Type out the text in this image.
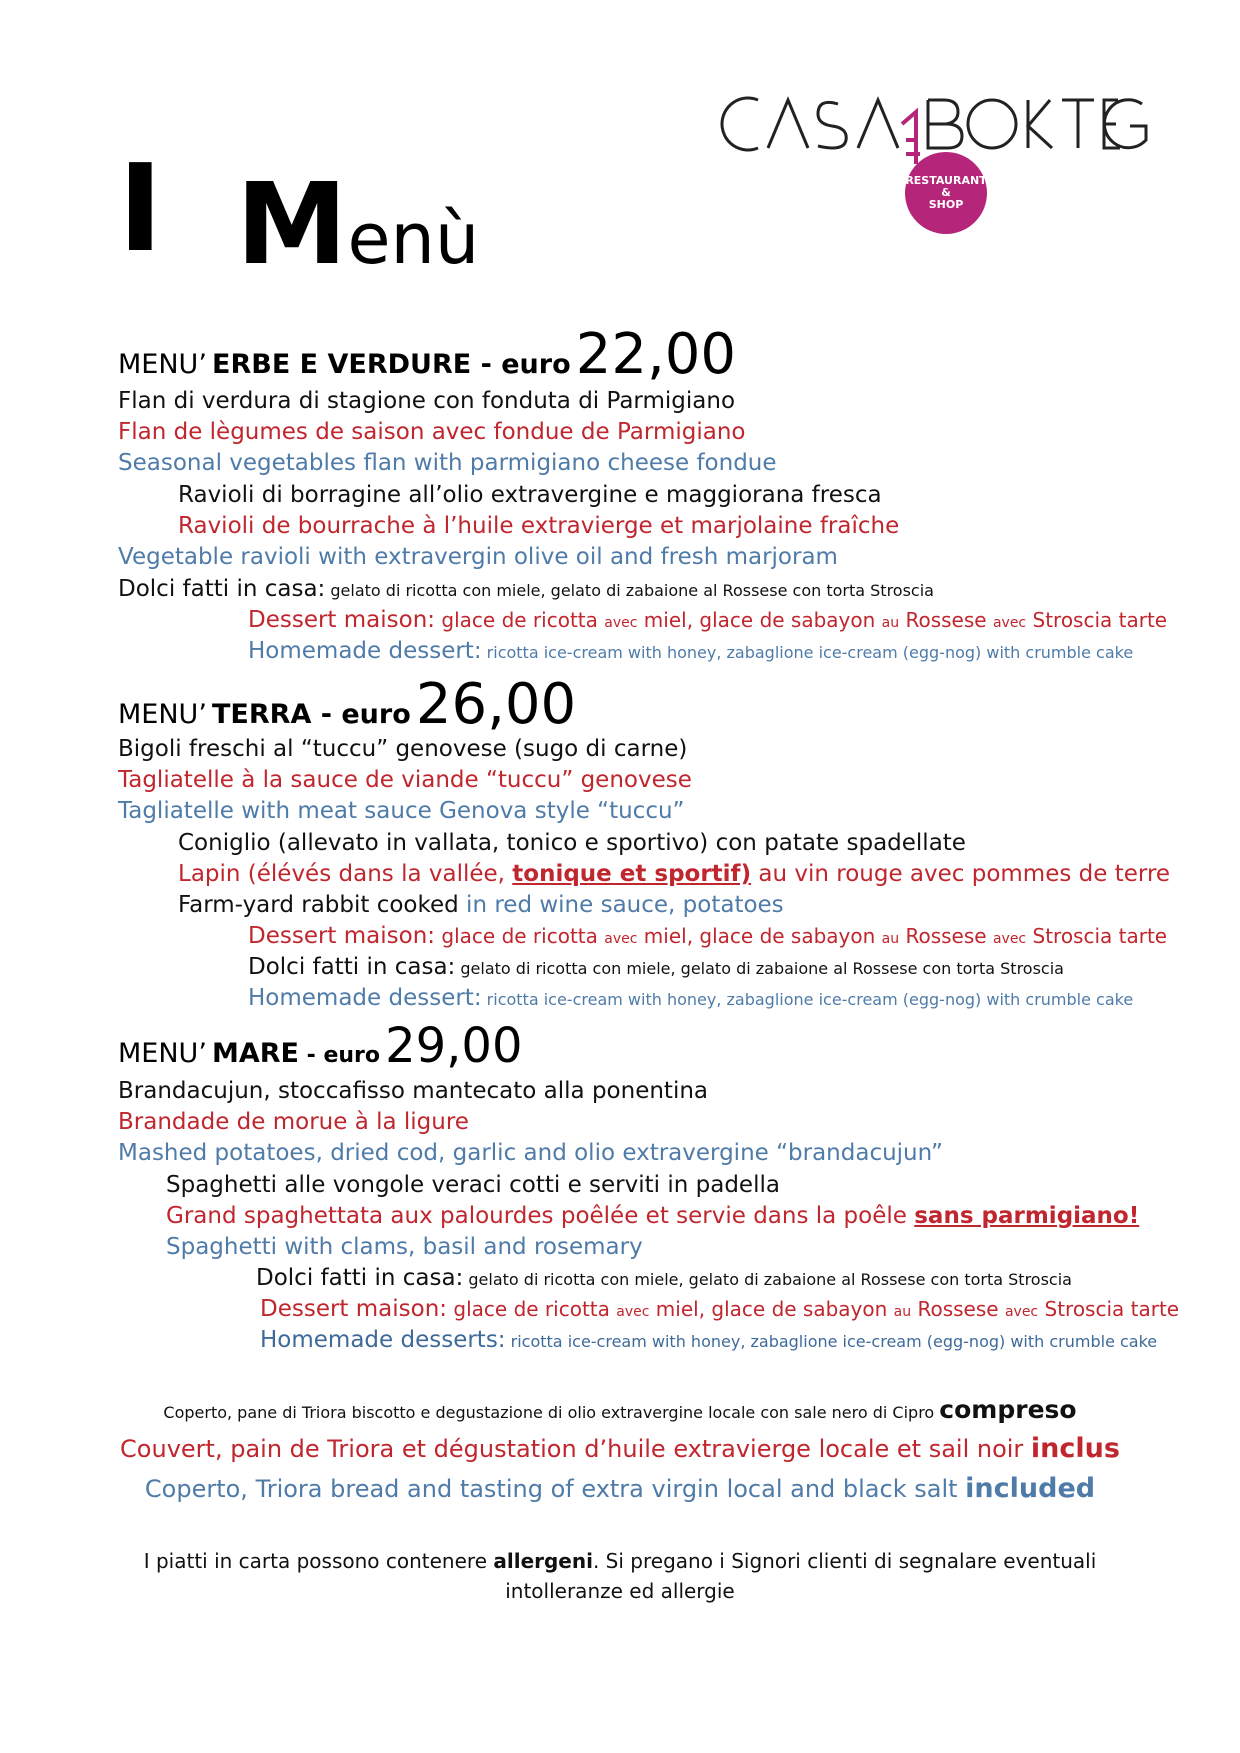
CASA E BOTTEGA
RESTAURANT
&
SHOP
I Menù
MENU’ ERBE E VERDURE - euro 22,00
Flan di verdura di stagione con fonduta di Parmigiano
Flan de lègumes de saison avec fondue de Parmigiano
Seasonal vegetables flan with parmigiano cheese fondue
Ravioli di borragine all’olio extravergine e maggiorana fresca
Ravioli de bourrache à l’huile extravierge et marjolaine fraîche
Vegetable ravioli with extravergin olive oil and fresh marjoram
Dolci fatti in casa: gelato di ricotta con miele, gelato di zabaione al Rossese con torta Stroscia
Dessert maison: glace de ricotta avec miel, glace de sabayon au Rossese avec Stroscia tarte
Homemade dessert: ricotta ice-cream with honey, zabaglione ice-cream (egg-nog) with crumble cake
MENU’ TERRA - euro 26,00
Bigoli freschi al “tuccu” genovese (sugo di carne)
Tagliatelle à la sauce de viande “tuccu” genovese
Tagliatelle with meat sauce Genova style “tuccu”
Coniglio (allevato in vallata, tonico e sportivo) con patate spadellate
Lapin (élévés dans la vallée, tonique et sportif) au vin rouge avec pommes de terre
Farm-yard rabbit cooked in red wine sauce, potatoes
Dessert maison: glace de ricotta avec miel, glace de sabayon au Rossese avec Stroscia tarte
Dolci fatti in casa: gelato di ricotta con miele, gelato di zabaione al Rossese con torta Stroscia
Homemade dessert: ricotta ice-cream with honey, zabaglione ice-cream (egg-nog) with crumble cake
MENU’ MARE - euro 29,00
Brandacujun, stoccafisso mantecato alla ponentina
Brandade de morue à la ligure
Mashed potatoes, dried cod, garlic and olio extravergine “brandacujun”
Spaghetti alle vongole veraci cotti e serviti in padella
Grand spaghettata aux palourdes poêlée et servie dans la poêle sans parmigiano!
Spaghetti with clams, basil and rosemary
Dolci fatti in casa: gelato di ricotta con miele, gelato di zabaione al Rossese con torta Stroscia
Dessert maison: glace de ricotta avec miel, glace de sabayon au Rossese avec Stroscia tarte
Homemade desserts: ricotta ice-cream with honey, zabaglione ice-cream (egg-nog) with crumble cake
Coperto, pane di Triora biscotto e degustazione di olio extravergine locale con sale nero di Cipro compreso
Couvert, pain de Triora et dégustation d’huile extravierge locale et sail noir inclus
Coperto, Triora bread and tasting of extra virgin local and black salt included
I piatti in carta possono contenere allergeni. Si pregano i Signori clienti di segnalare eventuali
intolleranze ed allergie
